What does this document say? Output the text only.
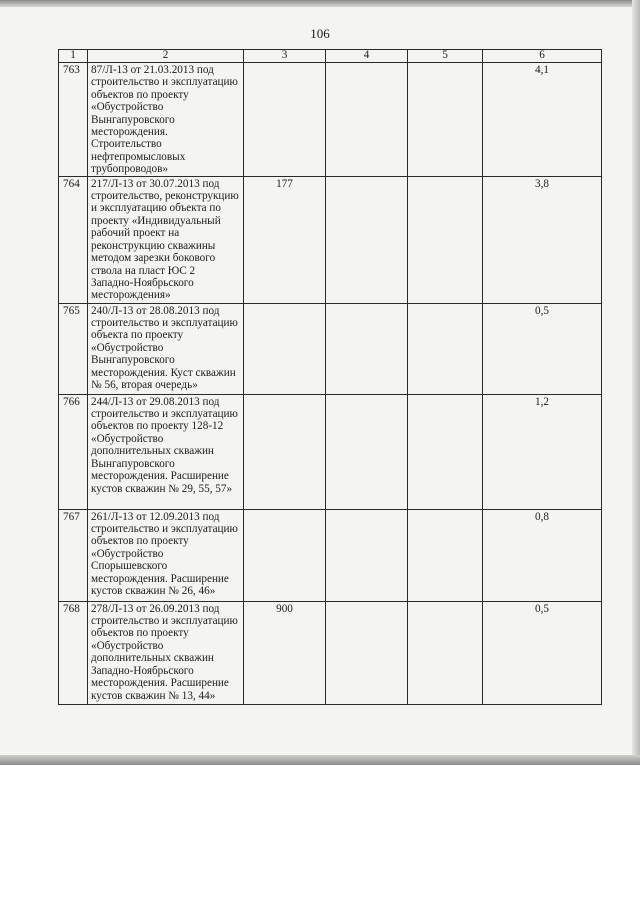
106
1	2	3	4	5	6
763	87/Л-13 от 21.03.2013 под строительство и эксплуатацию объектов по проекту «Обустройство Вынгапуровского месторождения. Строительство нефтепромысловых трубопроводов»				4,1
764	217/Л-13 от 30.07.2013 под строительство, реконструкцию и эксплуатацию объекта по проекту «Индивидуальный рабочий проект на реконструкцию скважины методом зарезки бокового ствола на пласт ЮС 2 Западно-Ноябрьского месторождения»	177			3,8
765	240/Л-13 от 28.08.2013 под строительство и эксплуатацию объекта по проекту «Обустройство Вынгапуровского месторождения. Куст скважин № 56, вторая очередь»				0,5
766	244/Л-13 от 29.08.2013 под строительство и эксплуатацию объектов по проекту 128-12 «Обустройство дополнительных скважин Вынгапуровского месторождения. Расширение кустов скважин № 29, 55, 57»				1,2
767	261/Л-13 от 12.09.2013 под строительство и эксплуатацию объектов по проекту «Обустройство Спорышевского месторождения. Расширение кустов скважин № 26, 46»				0,8
768	278/Л-13 от 26.09.2013 под строительство и эксплуатацию объектов по проекту «Обустройство дополнительных скважин Западно-Ноябрьского месторождения. Расширение кустов скважин № 13, 44»	900			0,5
